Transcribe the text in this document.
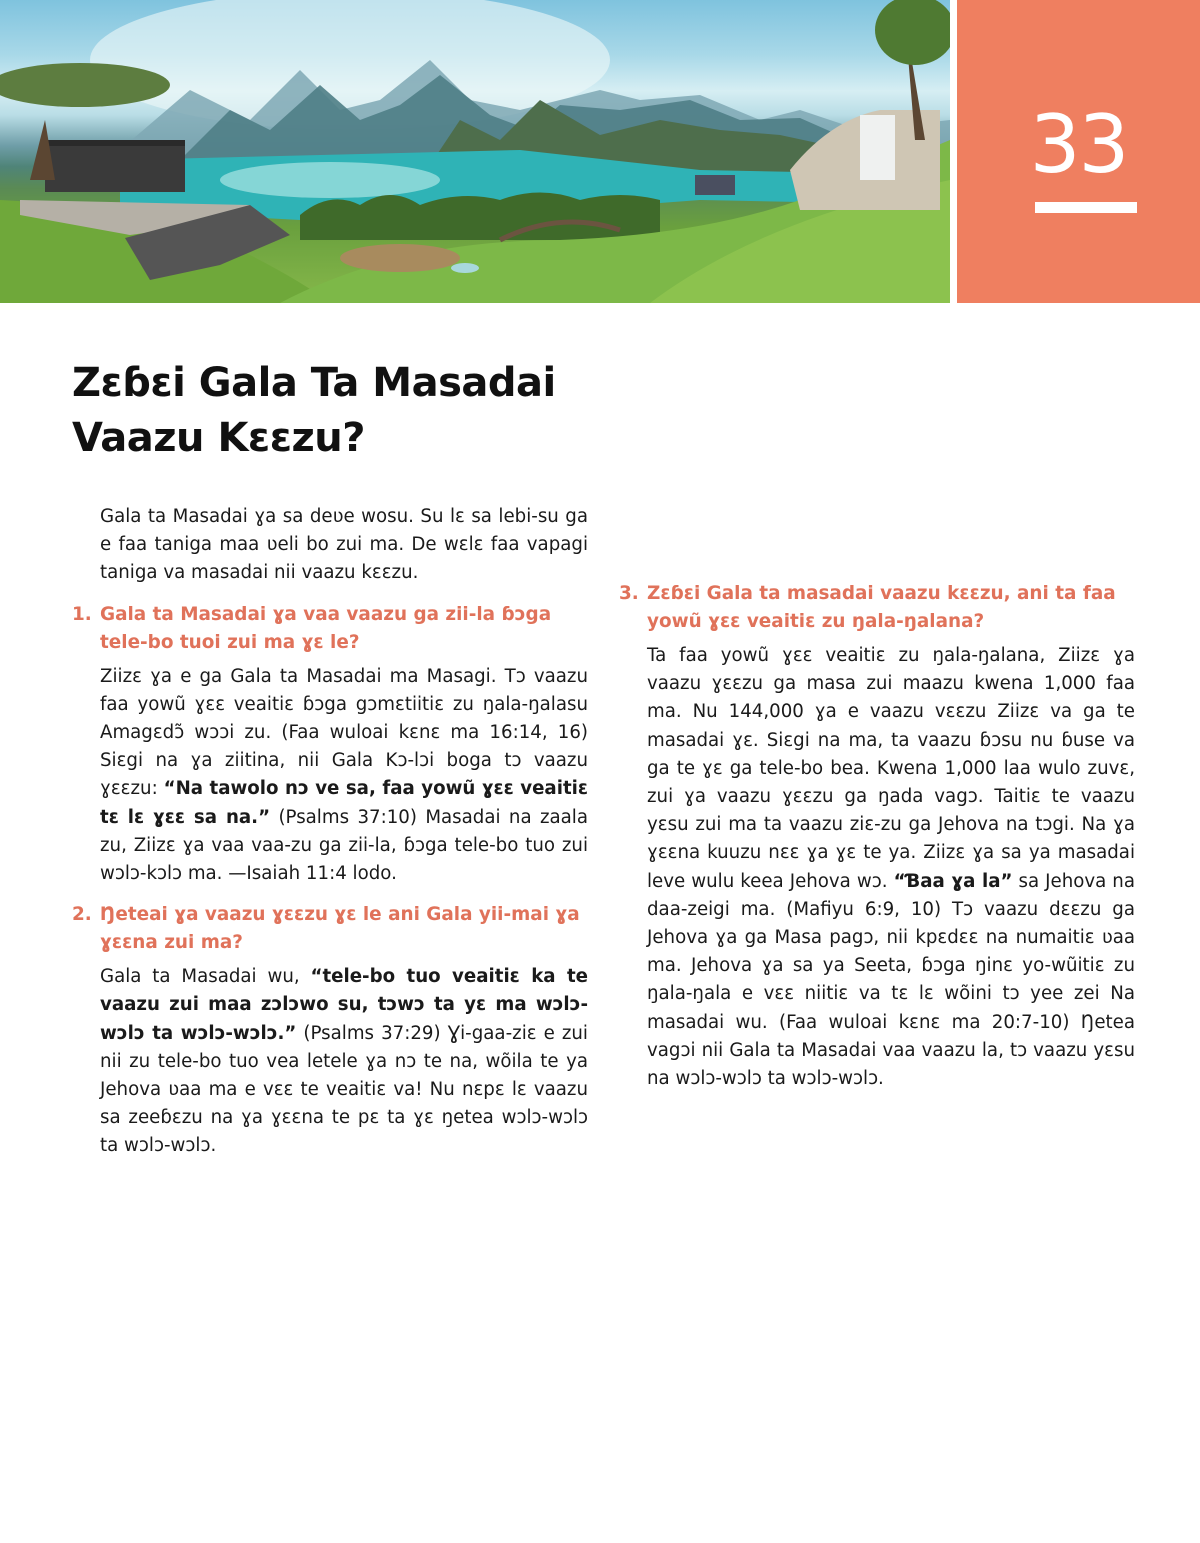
33
Zɛɓɛi Gala Ta Masadai
Vaazu Kɛɛzu?

Gala ta Masadai ɣa sa deʋe wosu. Su lɛ sa lebi-su ga e faa taniga maa ʋeli bo zui ma. De wɛlɛ faa vapagi taniga va masadai nii vaazu kɛɛzu.

1. Gala ta Masadai ɣa vaa vaazu ga zii-la ɓɔga tele-bo tuoi zui ma ɣɛ le?

Ziizɛ ɣa e ga Gala ta Masadai ma Masagi. Tɔ vaazu faa yowũ ɣɛɛ veaitiɛ ɓɔga gɔmɛtiitiɛ zu ŋala-ŋalasu Amagɛdɔ̃ wɔɔi zu. (Faa wuloai kɛnɛ ma 16:14, 16) Siɛgi na ɣa ziitina, nii Gala Kɔ-lɔi boga tɔ vaazu ɣɛɛzu: “Na tawolo nɔ ve sa, faa yowũ ɣɛɛ veaitiɛ tɛ lɛ ɣɛɛ sa na.” (Psalms 37:10) Masadai na zaala zu, Ziizɛ ɣa vaa vaa-zu ga zii-la, ɓɔga tele-bo tuo zui wɔlɔ-kɔlɔ ma. —Isaiah 11:4 lodo.

2. Ŋeteai ɣa vaazu ɣɛɛzu ɣɛ le ani Gala yii-mai ɣa ɣɛɛna zui ma?

Gala ta Masadai wu, “tele-bo tuo veaitiɛ ka te vaazu zui maa zɔlɔwo su, tɔwɔ ta yɛ ma wɔlɔ-wɔlɔ ta wɔlɔ-wɔlɔ.” (Psalms 37:29) Ɣi-gaa-ziɛ e zui nii zu tele-bo tuo vea letele ɣa nɔ te na, wõila te ya Jehova ʋaa ma e vɛɛ te veaitiɛ va! Nu nɛpɛ lɛ vaazu sa zeeɓɛzu na ɣa ɣɛɛna te pɛ ta ɣɛ ŋetea wɔlɔ-wɔlɔ ta wɔlɔ-wɔlɔ.

3. Zɛɓɛi Gala ta masadai vaazu kɛɛzu, ani ta faa yowũ ɣɛɛ veaitiɛ zu ŋala-ŋalana?

Ta faa yowũ ɣɛɛ veaitiɛ zu ŋala-ŋalana, Ziizɛ ɣa vaazu ɣɛɛzu ga masa zui maazu kwena 1,000 faa ma. Nu 144,000 ɣa e vaazu vɛɛzu Ziizɛ va ga te masadai ɣɛ. Siɛgi na ma, ta vaazu ɓɔsu nu ɓuse va ga te ɣɛ ga tele-bo bea. Kwena 1,000 laa wulo zuvɛ, zui ɣa vaazu ɣɛɛzu ga ŋada vagɔ. Taitiɛ te vaazu yɛsu zui ma ta vaazu ziɛ-zu ga Jehova na tɔgi. Na ɣa ɣɛɛna kuuzu nɛɛ ɣa ɣɛ te ya. Ziizɛ ɣa sa ya masadai leve wulu keea Jehova wɔ. “Ɓaa ɣa la” sa Jehova na daa-zeigi ma. (Mafiyu 6:9, 10) Tɔ vaazu dɛɛzu ga Jehova ɣa ga Masa pagɔ, nii kpɛdɛɛ na numaitiɛ ʋaa ma. Jehova ɣa sa ya Seeta, ɓɔga ŋinɛ yo-wũitiɛ zu ŋala-ŋala e vɛɛ niitiɛ va tɛ lɛ wõini tɔ yee zei Na masadai wu. (Faa wuloai kɛnɛ ma 20:7-10) Ŋetea vagɔi nii Gala ta Masadai vaa vaazu la, tɔ vaazu yɛsu na wɔlɔ-wɔlɔ ta wɔlɔ-wɔlɔ.
